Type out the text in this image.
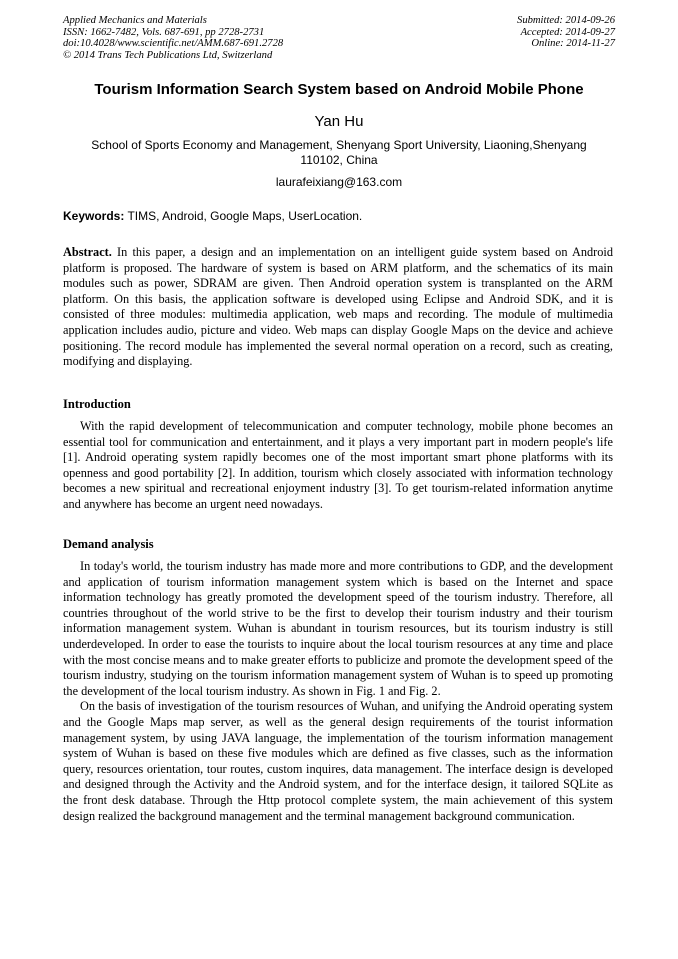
Applied Mechanics and Materials
ISSN: 1662-7482, Vols. 687-691, pp 2728-2731
doi:10.4028/www.scientific.net/AMM.687-691.2728
© 2014 Trans Tech Publications Ltd, Switzerland
Submitted: 2014-09-26
Accepted: 2014-09-27
Online: 2014-11-27
Tourism Information Search System based on Android Mobile Phone
Yan Hu
School of Sports Economy and Management, Shenyang Sport University, Liaoning,Shenyang
110102, China
laurafeixiang@163.com
Keywords: TIMS, Android, Google Maps, UserLocation.

Abstract. In this paper, a design and an implementation on an intelligent guide system based on Android platform is proposed. The hardware of system is based on ARM platform, and the schematics of its main modules such as power, SDRAM are given. Then Android operation system is transplanted on the ARM platform. On this basis, the application software is developed using Eclipse and Android SDK, and it is consisted of three modules: multimedia application, web maps and recording. The module of multimedia application includes audio, picture and video. Web maps can display Google Maps on the device and achieve positioning. The record module has implemented the several normal operation on a record, such as creating, modifying and displaying.

Introduction

With the rapid development of telecommunication and computer technology, mobile phone becomes an essential tool for communication and entertainment, and it plays a very important part in modern people's life [1]. Android operating system rapidly becomes one of the most important smart phone platforms with its openness and good portability [2]. In addition, tourism which closely associated with information technology becomes a new spiritual and recreational enjoyment industry [3]. To get tourism-related information anytime and anywhere has become an urgent need nowadays.

Demand analysis

In today's world, the tourism industry has made more and more contributions to GDP, and the development and application of tourism information management system which is based on the Internet and space information technology has greatly promoted the development speed of the tourism industry. Therefore, all countries throughout of the world strive to be the first to develop their tourism industry and their tourism information management system. Wuhan is abundant in tourism resources, but its tourism industry is still underdeveloped. In order to ease the tourists to inquire about the local tourism resources at any time and place with the most concise means and to make greater efforts to publicize and promote the development speed of the tourism industry, studying on the tourism information management system of Wuhan is to speed up promoting the development of the local tourism industry. As shown in Fig. 1 and Fig. 2.

On the basis of investigation of the tourism resources of Wuhan, and unifying the Android operating system and the Google Maps map server, as well as the general design requirements of the tourist information management system, by using JAVA language, the implementation of the tourism information management system of Wuhan is based on these five modules which are defined as five classes, such as the information query, resources orientation, tour routes, custom inquires, data management. The interface design is developed and designed through the Activity and the Android system, and for the interface design, it tailored SQLite as the front desk database. Through the Http protocol complete system, the main achievement of this system design realized the background management and the terminal management background communication.
